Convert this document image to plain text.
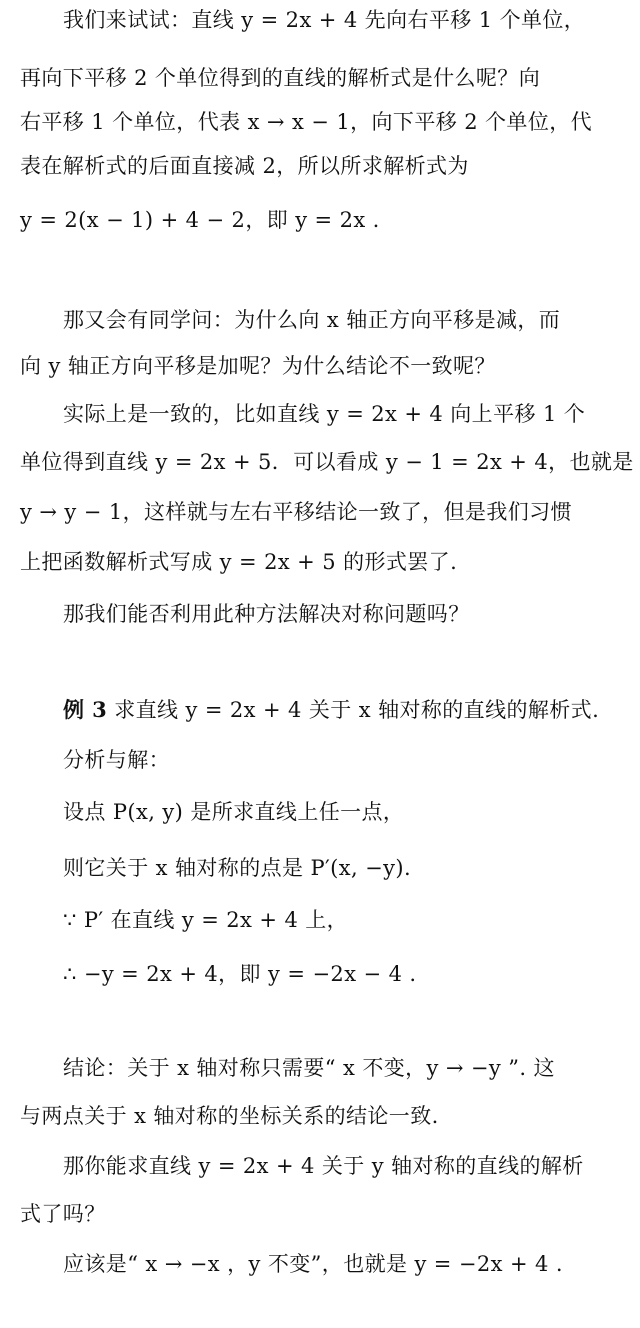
我们来试试：直线 y = 2x + 4 先向右平移 1 个单位，
再向下平移 2 个单位得到的直线的解析式是什么呢？向
右平移 1 个单位，代表 x → x − 1，向下平移 2 个单位，代
表在解析式的后面直接减 2，所以所求解析式为
y = 2(x − 1) + 4 − 2，即 y = 2x .
那又会有同学问：为什么向 x 轴正方向平移是减，而
向 y 轴正方向平移是加呢？为什么结论不一致呢？
实际上是一致的，比如直线 y = 2x + 4 向上平移 1 个
单位得到直线 y = 2x + 5．可以看成 y − 1 = 2x + 4，也就是
y → y − 1，这样就与左右平移结论一致了，但是我们习惯
上把函数解析式写成 y = 2x + 5 的形式罢了.
那我们能否利用此种方法解决对称问题吗？
例 3 求直线 y = 2x + 4 关于 x 轴对称的直线的解析式.
分析与解：
设点 P(x, y) 是所求直线上任一点，
则它关于 x 轴对称的点是 P′(x, −y).
∵ P′ 在直线 y = 2x + 4 上，
∴ −y = 2x + 4，即 y = −2x − 4 .
结论：关于 x 轴对称只需要“ x 不变，y → −y ”. 这
与两点关于 x 轴对称的坐标关系的结论一致.
那你能求直线 y = 2x + 4 关于 y 轴对称的直线的解析
式了吗？
应该是“ x → −x ，y 不变”，也就是 y = −2x + 4 .
